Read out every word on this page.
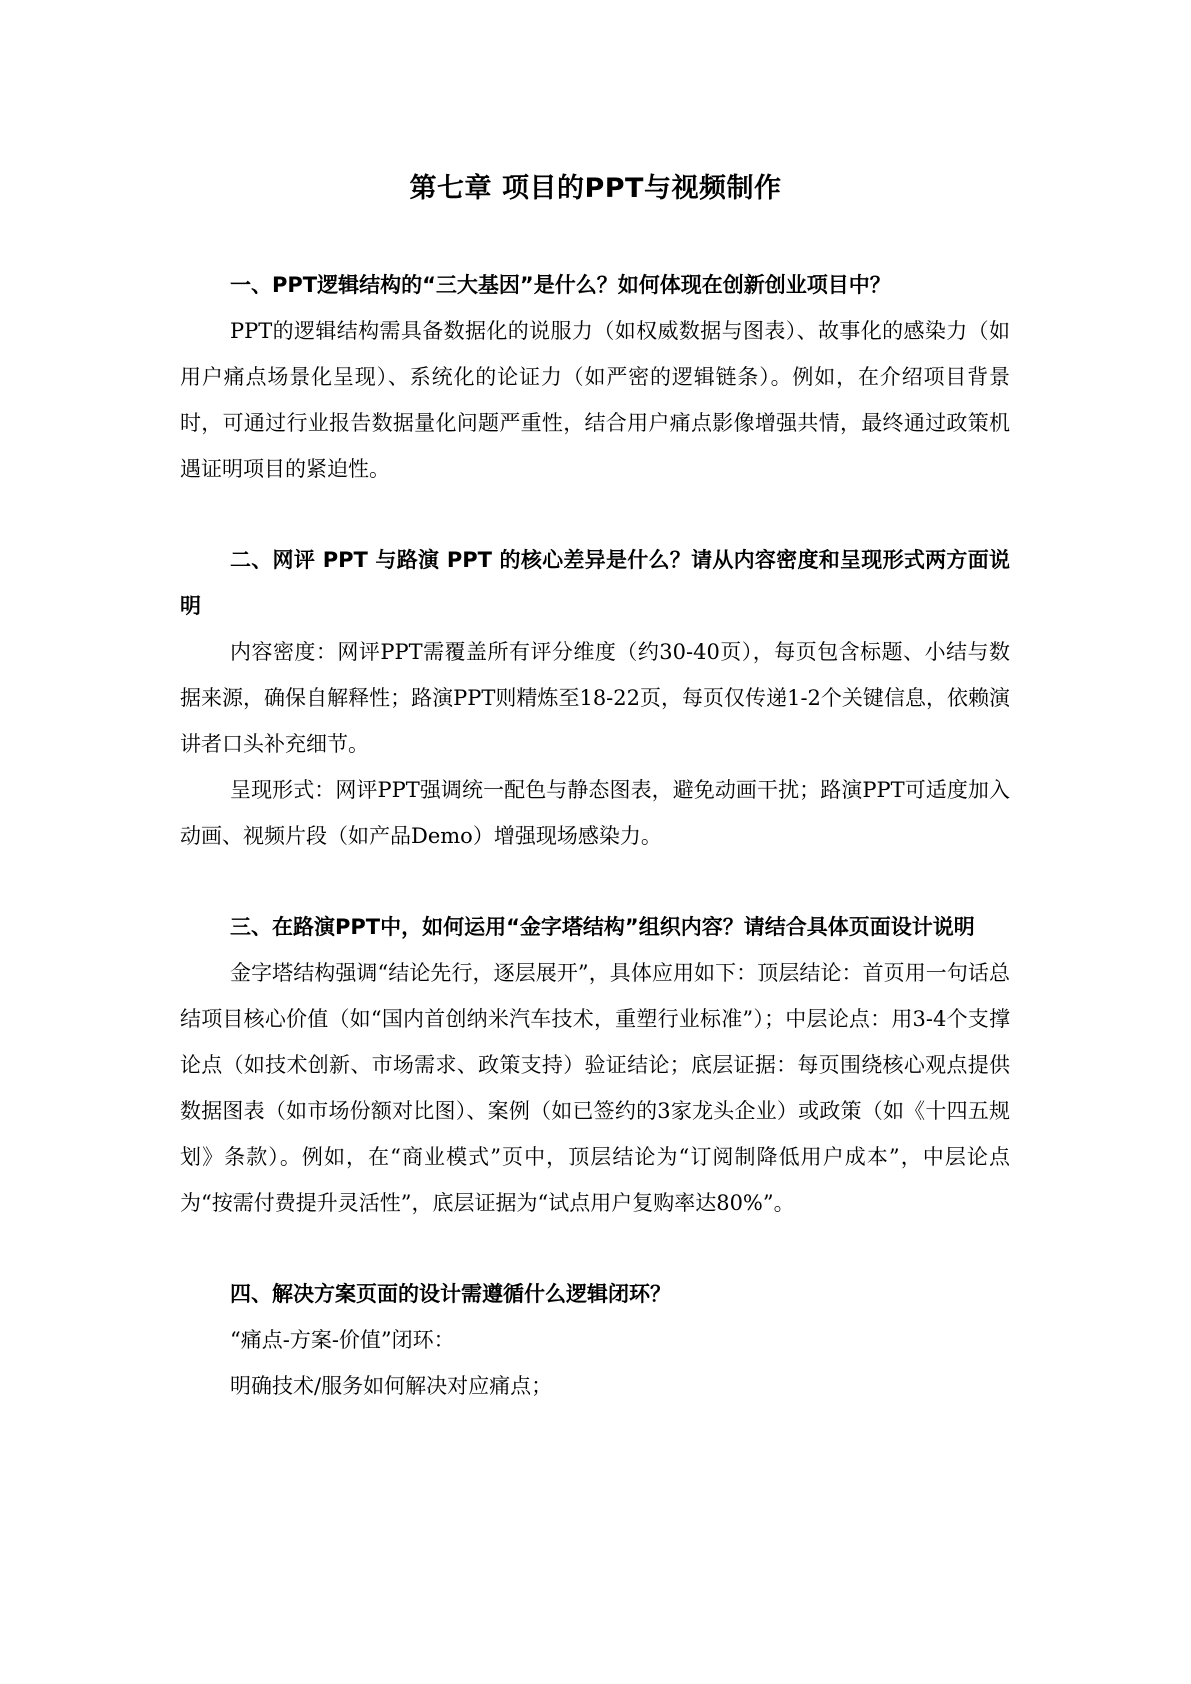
第七章 项目的PPT与视频制作

一、PPT逻辑结构的“三大基因”是什么？如何体现在创新创业项目中？

PPT的逻辑结构需具备数据化的说服力（如权威数据与图表）、故事化的感染力（如用户痛点场景化呈现）、系统化的论证力（如严密的逻辑链条）。例如，在介绍项目背景时，可通过行业报告数据量化问题严重性，结合用户痛点影像增强共情，最终通过政策机遇证明项目的紧迫性。

二、网评 PPT 与路演 PPT 的核心差异是什么？请从内容密度和呈现形式两方面说明

内容密度：网评PPT需覆盖所有评分维度（约30-40页），每页包含标题、小结与数据来源，确保自解释性；路演PPT则精炼至18-22页，每页仅传递1-2个关键信息，依赖演讲者口头补充细节。

呈现形式：网评PPT强调统一配色与静态图表，避免动画干扰；路演PPT可适度加入动画、视频片段（如产品Demo）增强现场感染力。

三、在路演PPT中，如何运用“金字塔结构”组织内容？请结合具体页面设计说明

金字塔结构强调“结论先行，逐层展开”，具体应用如下：顶层结论：首页用一句话总结项目核心价值（如“国内首创纳米汽车技术，重塑行业标准”）；中层论点：用3-4个支撑论点（如技术创新、市场需求、政策支持）验证结论；底层证据：每页围绕核心观点提供数据图表（如市场份额对比图）、案例（如已签约的3家龙头企业）或政策（如《十四五规划》条款）。例如，在“商业模式”页中，顶层结论为“订阅制降低用户成本”，中层论点为“按需付费提升灵活性”，底层证据为“试点用户复购率达80%”。

四、解决方案页面的设计需遵循什么逻辑闭环？

“痛点-方案-价值”闭环：

明确技术/服务如何解决对应痛点；
